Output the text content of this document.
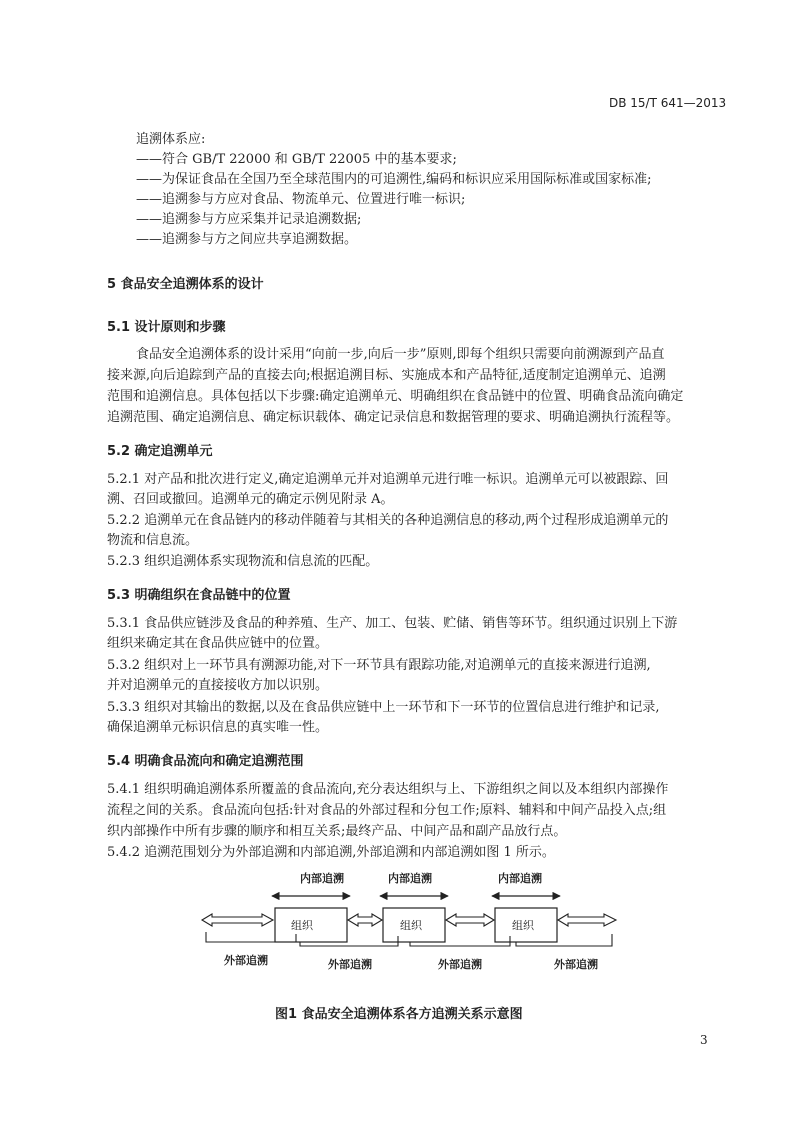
DB 15/T 641—2013
追溯体系应:
——符合 GB/T 22000 和 GB/T 22005 中的基本要求;
——为保证食品在全国乃至全球范围内的可追溯性,编码和标识应采用国际标准或国家标准;
——追溯参与方应对食品、物流单元、位置进行唯一标识;
——追溯参与方应采集并记录追溯数据;
——追溯参与方之间应共享追溯数据。
5 食品安全追溯体系的设计
5.1 设计原则和步骤
食品安全追溯体系的设计采用“向前一步,向后一步”原则,即每个组织只需要向前溯源到产品直
接来源,向后追踪到产品的直接去向;根据追溯目标、实施成本和产品特征,适度制定追溯单元、追溯
范围和追溯信息。具体包括以下步骤:确定追溯单元、明确组织在食品链中的位置、明确食品流向确定
追溯范围、确定追溯信息、确定标识载体、确定记录信息和数据管理的要求、明确追溯执行流程等。
5.2 确定追溯单元
5.2.1 对产品和批次进行定义,确定追溯单元并对追溯单元进行唯一标识。追溯单元可以被跟踪、回
溯、召回或撤回。追溯单元的确定示例见附录 A。
5.2.2 追溯单元在食品链内的移动伴随着与其相关的各种追溯信息的移动,两个过程形成追溯单元的
物流和信息流。
5.2.3 组织追溯体系实现物流和信息流的匹配。
5.3 明确组织在食品链中的位置
5.3.1 食品供应链涉及食品的种养殖、生产、加工、包装、贮储、销售等环节。组织通过识别上下游
组织来确定其在食品供应链中的位置。
5.3.2 组织对上一环节具有溯源功能,对下一环节具有跟踪功能,对追溯单元的直接来源进行追溯,
并对追溯单元的直接接收方加以识别。
5.3.3 组织对其输出的数据,以及在食品供应链中上一环节和下一环节的位置信息进行维护和记录,
确保追溯单元标识信息的真实唯一性。
5.4 明确食品流向和确定追溯范围
5.4.1 组织明确追溯体系所覆盖的食品流向,充分表达组织与上、下游组织之间以及本组织内部操作
流程之间的关系。食品流向包括:针对食品的外部过程和分包工作;原料、辅料和中间产品投入点;组
织内部操作中所有步骤的顺序和相互关系;最终产品、中间产品和副产品放行点。
5.4.2 追溯范围划分为外部追溯和内部追溯,外部追溯和内部追溯如图 1 所示。
内部追溯	内部追溯	内部追溯
组织	组织	组织
外部追溯	外部追溯	外部追溯	外部追溯
图1 食品安全追溯体系各方追溯关系示意图
3
